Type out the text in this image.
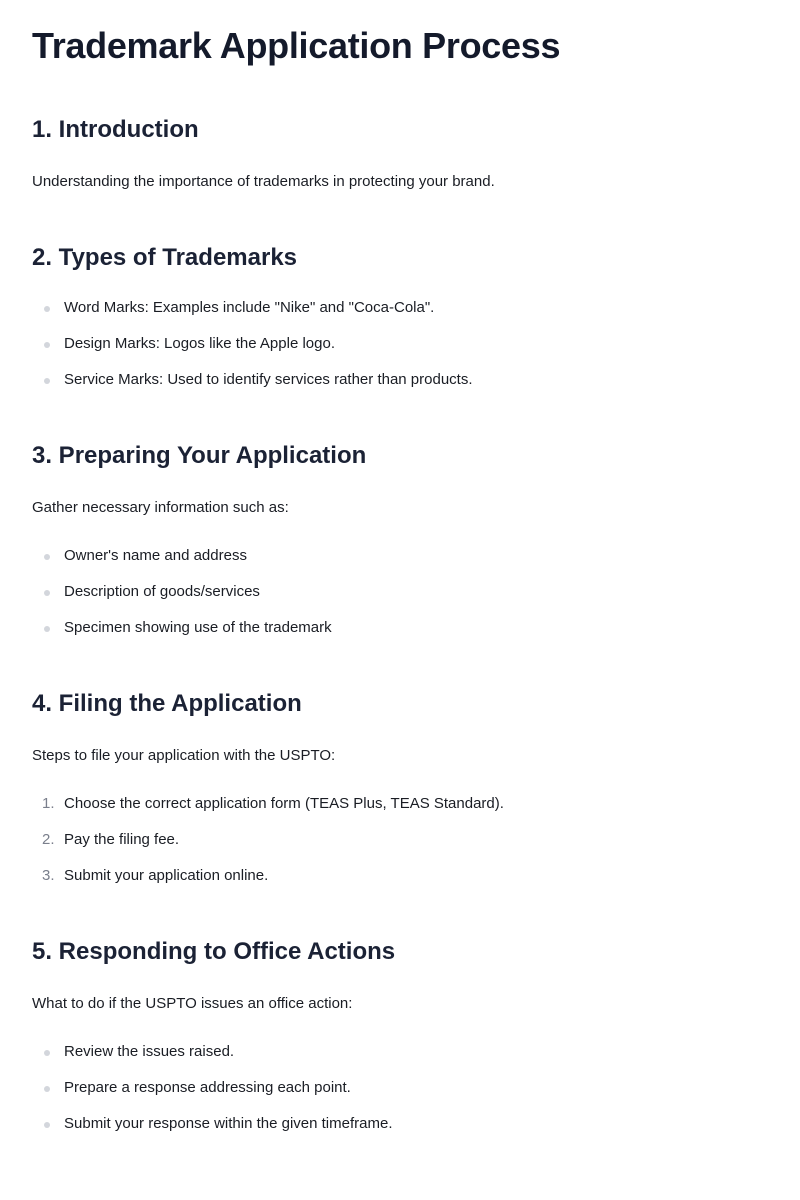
Trademark Application Process
1. Introduction

Understanding the importance of trademarks in protecting your brand.

2. Types of Trademarks
Word Marks: Examples include "Nike" and "Coca-Cola".
Design Marks: Logos like the Apple logo.
Service Marks: Used to identify services rather than products.
3. Preparing Your Application

Gather necessary information such as:

Owner's name and address
Description of goods/services
Specimen showing use of the trademark
4. Filing the Application

Steps to file your application with the USPTO:

1. Choose the correct application form (TEAS Plus, TEAS Standard).
2. Pay the filing fee.
3. Submit your application online.
5. Responding to Office Actions

What to do if the USPTO issues an office action:

Review the issues raised.
Prepare a response addressing each point.
Submit your response within the given timeframe.
